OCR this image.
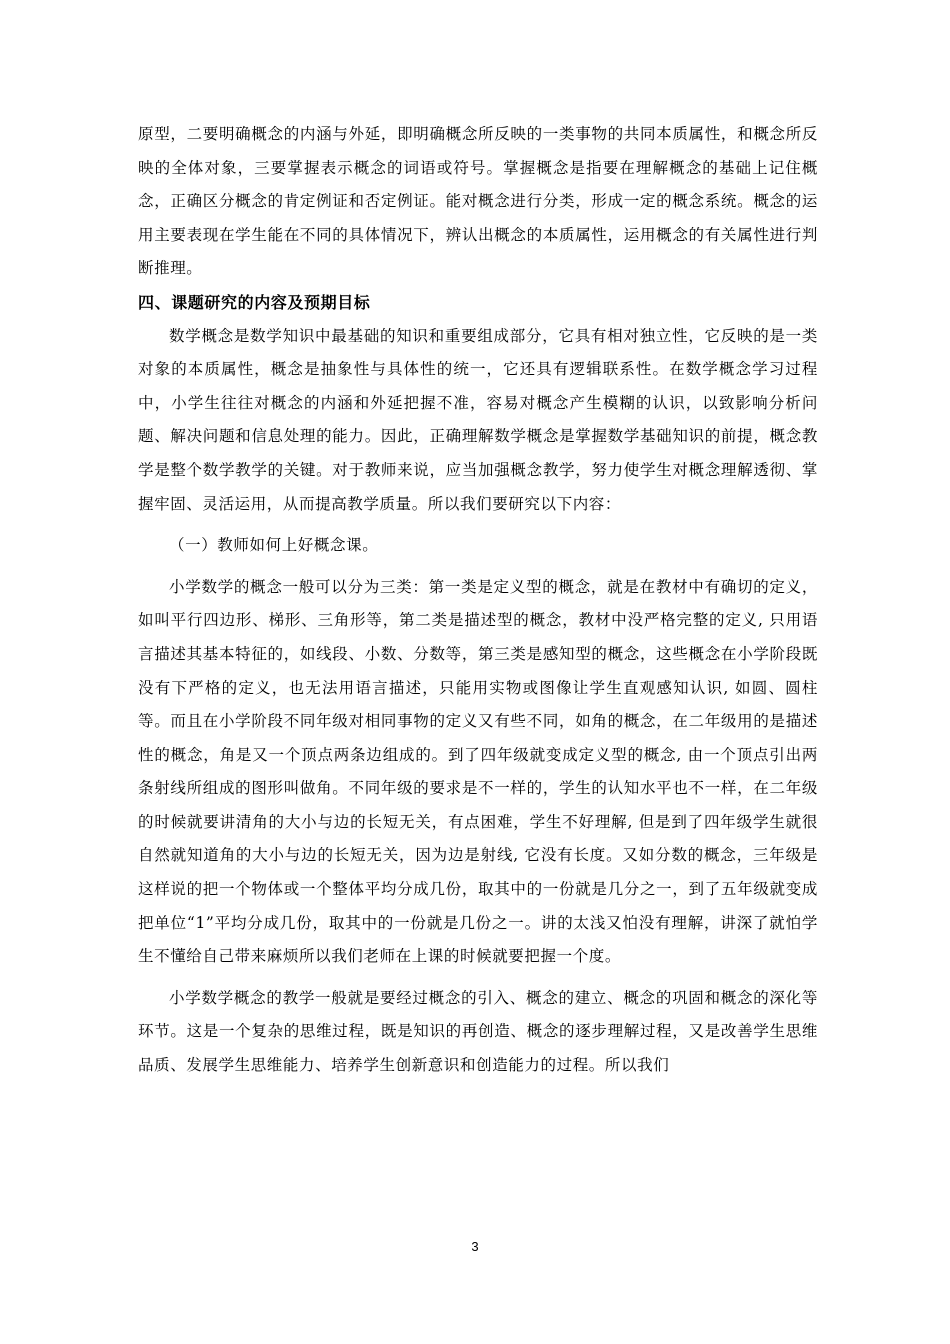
原型，二要明确概念的内涵与外延，即明确概念所反映的一类事物的共同本质属性，和概念所反映的全体对象，三要掌握表示概念的词语或符号。掌握概念是指要在理解概念的基础上记住概念，正确区分概念的肯定例证和否定例证。能对概念进行分类，形成一定的概念系统。概念的运用主要表现在学生能在不同的具体情况下，辨认出概念的本质属性，运用概念的有关属性进行判断推理。

四、课题研究的内容及预期目标

数学概念是数学知识中最基础的知识和重要组成部分，它具有相对独立性，它反映的是一类对象的本质属性，概念是抽象性与具体性的统一，它还具有逻辑联系性。在数学概念学习过程中，小学生往往对概念的内涵和外延把握不准，容易对概念产生模糊的认识，以致影响分析问题、解决问题和信息处理的能力。因此，正确理解数学概念是掌握数学基础知识的前提，概念教学是整个数学教学的关键。对于教师来说，应当加强概念教学，努力使学生对概念理解透彻、掌握牢固、灵活运用，从而提高教学质量。所以我们要研究以下内容：

（一）教师如何上好概念课。

小学数学的概念一般可以分为三类：第一类是定义型的概念，就是在教材中有确切的定义，如叫平行四边形、梯形、三角形等，第二类是描述型的概念，教材中没严格完整的定义, 只用语言描述其基本特征的，如线段、小数、分数等，第三类是感知型的概念，这些概念在小学阶段既没有下严格的定义，也无法用语言描述，只能用实物或图像让学生直观感知认识, 如圆、圆柱等。而且在小学阶段不同年级对相同事物的定义又有些不同，如角的概念，在二年级用的是描述性的概念，角是又一个顶点两条边组成的。到了四年级就变成定义型的概念, 由一个顶点引出两条射线所组成的图形叫做角。不同年级的要求是不一样的，学生的认知水平也不一样，在二年级的时候就要讲清角的大小与边的长短无关，有点困难，学生不好理解, 但是到了四年级学生就很自然就知道角的大小与边的长短无关，因为边是射线, 它没有长度。又如分数的概念，三年级是这样说的把一个物体或一个整体平均分成几份，取其中的一份就是几分之一，到了五年级就变成把单位“1”平均分成几份，取其中的一份就是几份之一。讲的太浅又怕没有理解，讲深了就怕学生不懂给自己带来麻烦所以我们老师在上课的时候就要把握一个度。

小学数学概念的教学一般就是要经过概念的引入、概念的建立、概念的巩固和概念的深化等环节。这是一个复杂的思维过程，既是知识的再创造、概念的逐步理解过程，又是改善学生思维品质、发展学生思维能力、培养学生创新意识和创造能力的过程。所以我们

3
